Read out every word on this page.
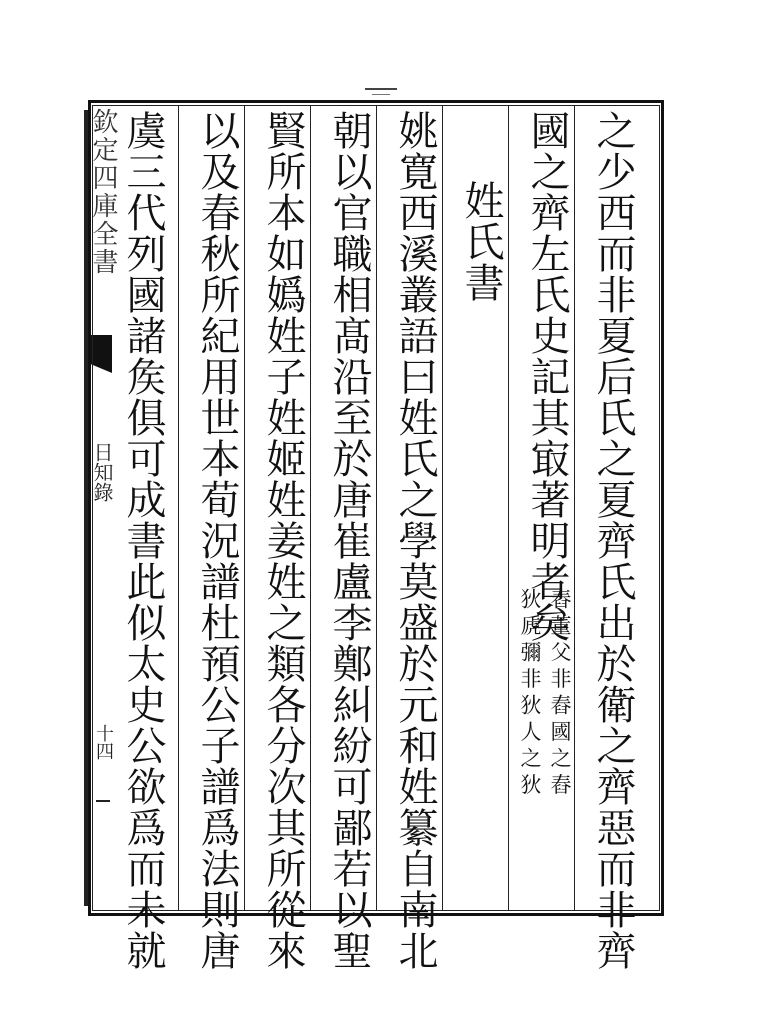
欽定四庫全書
日知錄
十四	之少西而非夏后氏之夏齊氏出於衛之齊惡而非齊
國之齊左氏史記其㝡著明者矣
舂董父非舂國之舂
狄虒彌非狄人之狄
姓氏書
姚寛西溪叢語曰姓氏之學莫盛於元和姓纂自南北
朝以官職相髙沿至於唐崔盧李鄭糾紛可鄙若以聖
賢所本如嬀姓子姓姬姓姜姓之類各分次其所從來
以及春秋所紀用世本荀況譜杜預公子譜爲法則唐
虞三代列國諸矦俱可成書此似太史公欲爲而未就
